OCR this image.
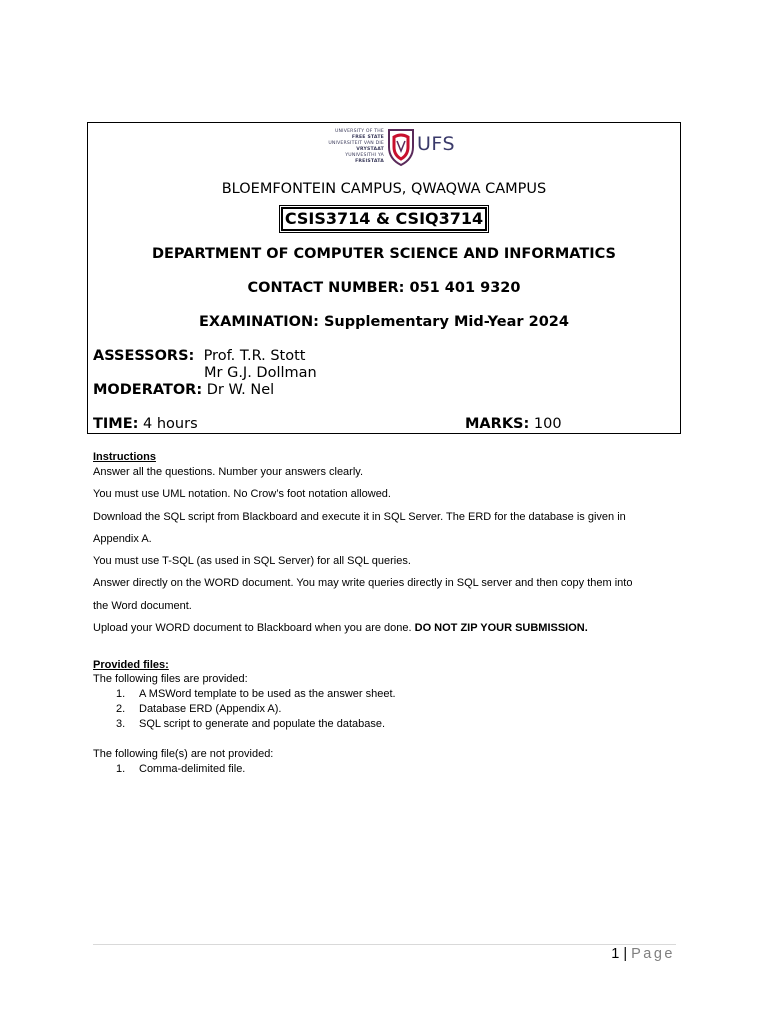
UNIVERSITY OF THE
FREE STATE
UNIVERSITEIT VAN DIE
VRYSTAAT
YUNIVESITHI YA
FREISTATA
UFS
BLOEMFONTEIN CAMPUS, QWAQWA CAMPUS
CSIS3714 & CSIQ3714
DEPARTMENT OF COMPUTER SCIENCE AND INFORMATICS
CONTACT NUMBER: 051 401 9320
EXAMINATION: Supplementary Mid-Year 2024
ASSESSORS: Prof. T.R. Stott
Mr G.J. Dollman
MODERATOR: Dr W. Nel
TIME: 4 hours	MARKS: 100
Instructions
Answer all the questions. Number your answers clearly.
You must use UML notation. No Crow’s foot notation allowed.
Download the SQL script from Blackboard and execute it in SQL Server. The ERD for the database is given in
Appendix A.
You must use T-SQL (as used in SQL Server) for all SQL queries.
Answer directly on the WORD document. You may write queries directly in SQL server and then copy them into
the Word document.
Upload your WORD document to Blackboard when you are done. DO NOT ZIP YOUR SUBMISSION.
Provided files:
The following files are provided:
1. A MSWord template to be used as the answer sheet.
2. Database ERD (Appendix A).
3. SQL script to generate and populate the database.
The following file(s) are not provided:
1. Comma-delimited file.
1 | Page
